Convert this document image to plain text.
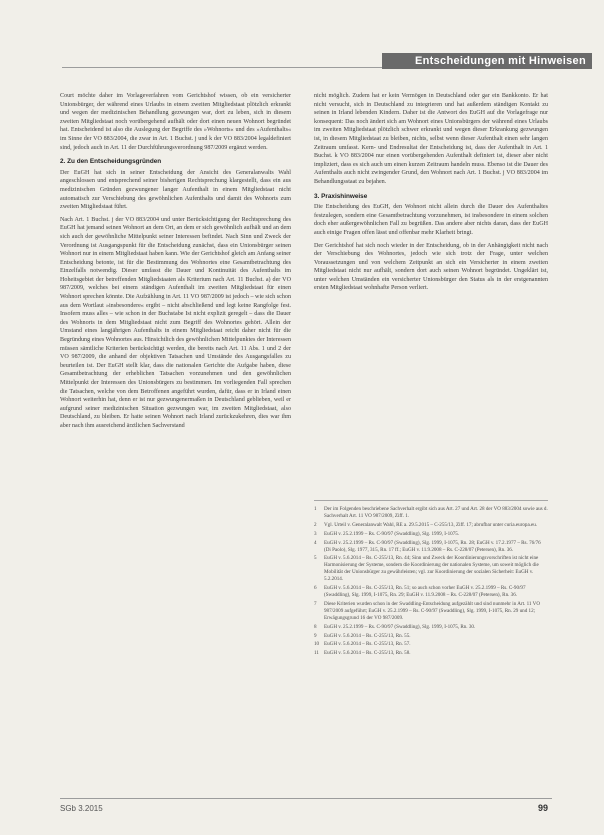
Entscheidungen mit Hinweisen

Court möchte daher im Vorlageverfahren vom Gerichtshof wissen, ob ein versicherter Unionsbürger, der während eines Urlaubs in einem zweiten Mitgliedstaat plötzlich erkrankt und wegen der medizinischen Behandlung gezwungen war, dort zu leben, sich in diesem zweiten Mitgliedstaat noch vorübergehend aufhält oder dort einen neuen Wohnort begründet hat. Entscheidend ist also die Auslegung der Begriffe des »Wohnorts« und des »Aufenthalts« im Sinne der VO 883/2004, die zwar in Art. 1 Buchst. j und k der VO 883/2004 legaldefiniert sind, jedoch auch in Art. 11 der Durchführungsverordnung 987/2009 ergänzt werden.

2. Zu den Entscheidungsgründen

Der EuGH hat sich in seiner Entscheidung der Ansicht des Generalanwalts Wahl angeschlossen und entsprechend seiner bisherigen Rechtsprechung klargestellt, dass ein aus medizinischen Gründen gezwungener langer Aufenthalt in einem Mitgliedstaat nicht automatisch zur Verschiebung des gewöhnlichen Aufenthalts und damit des Wohnorts zum zweiten Mitgliedstaat führt.

Nach Art. 1 Buchst. j der VO 883/2004 und unter Berücksichtigung der Rechtsprechung des EuGH hat jemand seinen Wohnort an dem Ort, an dem er sich gewöhnlich aufhält und an dem sich auch der gewöhnliche Mittelpunkt seiner Interessen befindet. Nach Sinn und Zweck der Verordnung ist Ausgangspunkt für die Entscheidung zunächst, dass ein Unionsbürger seinen Wohnort nur in einem Mitgliedstaat haben kann. Wie der Gerichtshof gleich am Anfang seiner Entscheidung betonte, ist für die Bestimmung des Wohnortes eine Gesamtbetrachtung des Einzelfalls notwendig. Dieser umfasst die Dauer und Kontinuität des Aufenthalts im Hoheitsgebiet der betreffenden Mitgliedstaaten als Kriterium nach Art. 11 Buchst. a) der VO 987/2009, welches bei einem ständigen Aufenthalt im zweiten Mitgliedstaat für einen Wohnort sprechen könnte. Die Aufzählung in Art. 11 VO 987/2009 ist jedoch – wie sich schon aus dem Wortlaut »insbesondere« ergibt – nicht abschließend und legt keine Rangfolge fest. Insofern muss alles – wie schon in der Buchstabe Ist nicht explizit geregelt – dass die Dauer des Wohnorts in dem Mitgliedstaat nicht zum Begriff des Wohnortes gehört. Allein der Umstand eines langjährigen Aufenthalts in einem Mitgliedstaat reicht daher nicht für die Begründung eines Wohnortes aus. Hinsichtlich des gewöhnlichen Mittelpunktes der Interessen müssen sämtliche Kriterien berücksichtigt werden, die bereits nach Art. 11 Abs. 1 und 2 der VO 987/2009, die anhand der objektiven Tatsachen und Umstände des Ausgangsfalles zu beurteilen ist. Der EuGH stellt klar, dass die nationalen Gerichte die Aufgabe haben, diese Gesamtbetrachtung der erheblichen Tatsachen vorzunehmen und den gewöhnlichen Mittelpunkt der Interessen des Unionsbürgers zu bestimmen. Im vorliegenden Fall sprechen die Tatsachen, welche von dem Betroffenen angeführt wurden, dafür, dass er in Irland einen Wohnort weiterhin hat, denn er ist nur gezwungenermaßen in Deutschland geblieben, weil er aufgrund seiner medizinischen Situation gezwungen war, im zweiten Mitgliedstaat, also Deutschland, zu bleiben. Er hatte seinen Wohnort nach Irland zurückzukehren, dies war ihm aber nach ihm ausreichend ärztlichen Sachverstand

nicht möglich. Zudem hat er kein Vermögen in Deutschland oder gar ein Bankkonto. Er hat nicht versucht, sich in Deutschland zu integrieren und hat außerdem ständigen Kontakt zu seinen in Irland lebenden Kindern. Daher ist die Antwort des EuGH auf die Vorlagefrage nur konsequent: Das noch ändert sich am Wohnort eines Unionsbürgers der während eines Urlaubs im zweiten Mitgliedstaat plötzlich schwer erkrankt und wegen dieser Erkrankung gezwungen ist, in diesem Mitgliedstaat zu bleiben, nichts, selbst wenn dieser Aufenthalt einen sehr langen Zeitraum umfasst. Kern- und Endresultat der Entscheidung ist, dass der Aufenthalt in Art. 1 Buchst. k VO 883/2004 nur einen vorübergehenden Aufenthalt definiert ist, dieser aber nicht impliziert, dass es sich auch um einen kurzen Zeitraum handeln muss. Ebenso ist die Dauer des Aufenthalts auch nicht zwingender Grund, den Wohnort nach Art. 1 Buchst. j VO 883/2004 im Behandlungsstaat zu bejahen.

3. Praxishinweise

Die Entscheidung des EuGH, den Wohnort nicht allein durch die Dauer des Aufenthaltes festzulegen, sondern eine Gesamtbetrachtung vorzunehmen, ist insbesondere in einem solchen doch eher außergewöhnlichen Fall zu begrüßen. Das andere aber nichts daran, dass der EuGH auch einige Fragen offen lässt und offenbar mehr Klarheit bringt.

Der Gerichtshof hat sich noch wieder in der Entscheidung, ob in der Anhängigkeit nicht nach der Verschiebung des Wohnortes, jedoch wie sich trotz der Frage, unter welchen Voraussetzungen und von welchem Zeitpunkt an sich ein Versicherter in einem zweiten Mitgliedstaat nicht nur aufhält, sondern dort auch seinen Wohnort begründet. Ungeklärt ist, unter welchen Umständen ein versicherter Unionsbürger den Status als in der erstgenannten ersten Mitgliedstaat wohnhafte Person verliert.

1	Der im Folgenden beschriebene Sachverhalt ergibt sich aus Art. 27 und Art. 28 der VO 883/2004 sowie aus d. Sachverhalt Art. 11 VO 987/2009, Ziff. 1.
2	Vgl. Urteil v. Generalanwalt Wahl, RE a. 29.5.2015 – C-255/13, Ziff. 17; abrufbar unter curia.europa.eu.
3	EuGH v. 25.2.1999 – Rs. C-90/97 (Swaddling), Slg. 1999, I-1075.
4	EuGH v. 25.2.1999 – Rs. C-90/97 (Swaddling), Slg. 1999, I-1075, Rn. 28; EuGH v. 17.2.1977 – Rs. 76/76 (Di Paolo), Slg. 1977, 315, Rn. 17 ff.; EuGH v. 11.9.2008 – Rs. C-228/07 (Petersen), Rn. 36.
5	EuGH v. 5.6.2014 – Rs. C-255/13, Rn. 44; Sinn und Zweck der Koordinierungsvorschriften ist nicht eine Harmonisierung der Systeme, sondern die Koordinierung der nationalen Systeme, um soweit möglich die Mobilität der Unionsbürger zu gewährleisten; vgl. zur Koordinierung der sozialen Sicherheit: EuGH v. 5.2.2014.
6	EuGH v. 5.6.2014 – Rs. C-255/13, Rn. 51; so auch schon vorher EuGH v. 25.2.1999 – Rs. C-90/97 (Swaddling), Slg. 1999, I-1075, Rn. 29; EuGH v. 11.9.2008 – Rs. C-228/07 (Petersen), Rn. 36.
7	Diese Kriterien wurden schon in der Swaddling-Entscheidung aufgezählt und sind nunmehr in Art. 11 VO 987/2009 aufgeführt; EuGH v. 25.2.1999 – Rs. C-90/97 (Swaddling), Slg. 1999, I-1075, Rn. 29 und 12; Erwägungsgrund 16 der VO 987/2009.
8	EuGH v. 25.2.1999 – Rs. C-90/97 (Swaddling), Slg. 1999, I-1075, Rn. 30.
9	EuGH v. 5.6.2014 – Rs. C-255/13, Rn. 55.
10 EuGH v. 5.6.2014 – Rs. C-255/13, Rn. 57.
11 EuGH v. 5.6.2014 – Rs. C-255/13, Rn. 58.
SGb 3.2015	99
